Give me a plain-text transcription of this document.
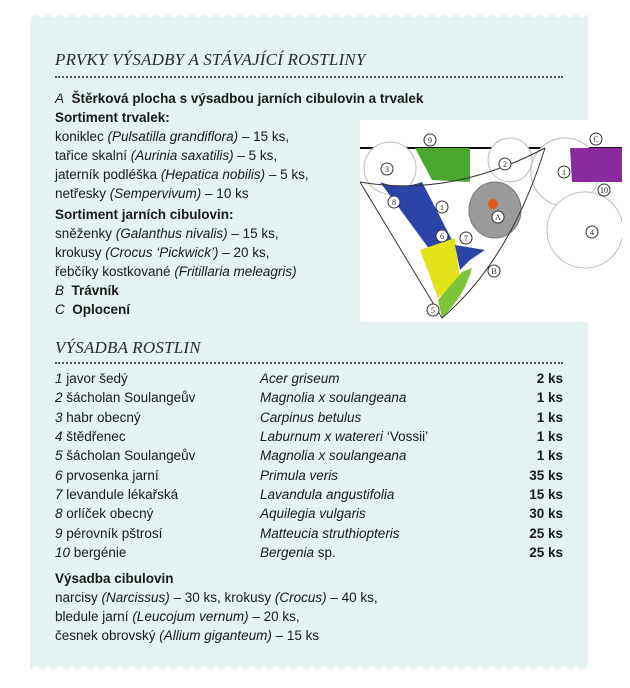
PRVKY VÝSADBY A STÁVAJÍCÍ ROSTLINY
A Štěrková plocha s výsadbou jarních cibulovin a trvalek
Sortiment trvalek:
koniklec (Pulsatilla grandiflora) – 15 ks,
tařice skalní (Aurinia saxatilis) – 5 ks,
jaterník podléška (Hepatica nobilis) – 5 ks,
netřesky (Sempervivum) – 10 ks
Sortiment jarních cibulovin:
sněženky (Galanthus nivalis) – 15 ks,
krokusy (Crocus ‘Pickwick’) – 20 ks,
řebčíky kostkované (Fritillaria meleagris)
B Trávník
C Oplocení
9
3
2
1
C
10
8
1
A
6	7
4
B
5
VÝSADBA ROSTLIN
1 javor šedý	Acer griseum	2 ks
2 šácholan Soulangeův	Magnolia x soulangeana	1 ks
3 habr obecný	Carpinus betulus	1 ks
4 štědřenec	Laburnum x watereri ‘Vossii’	1 ks
5 šácholan Soulangeův	Magnolia x soulangeana	1 ks
6 prvosenka jarní	Primula veris	35 ks
7 levandule lékařská	Lavandula angustifolia	15 ks
8 orlíček obecný	Aquilegia vulgaris	30 ks
9 pérovník pštrosí	Matteucia struthiopteris	25 ks
10 bergénie	Bergenia sp.	25 ks
Výsadba cibulovin
narcisy (Narcissus) – 30 ks, krokusy (Crocus) – 40 ks,
bledule jarní (Leucojum vernum) – 20 ks,
česnek obrovský (Allium giganteum) – 15 ks
